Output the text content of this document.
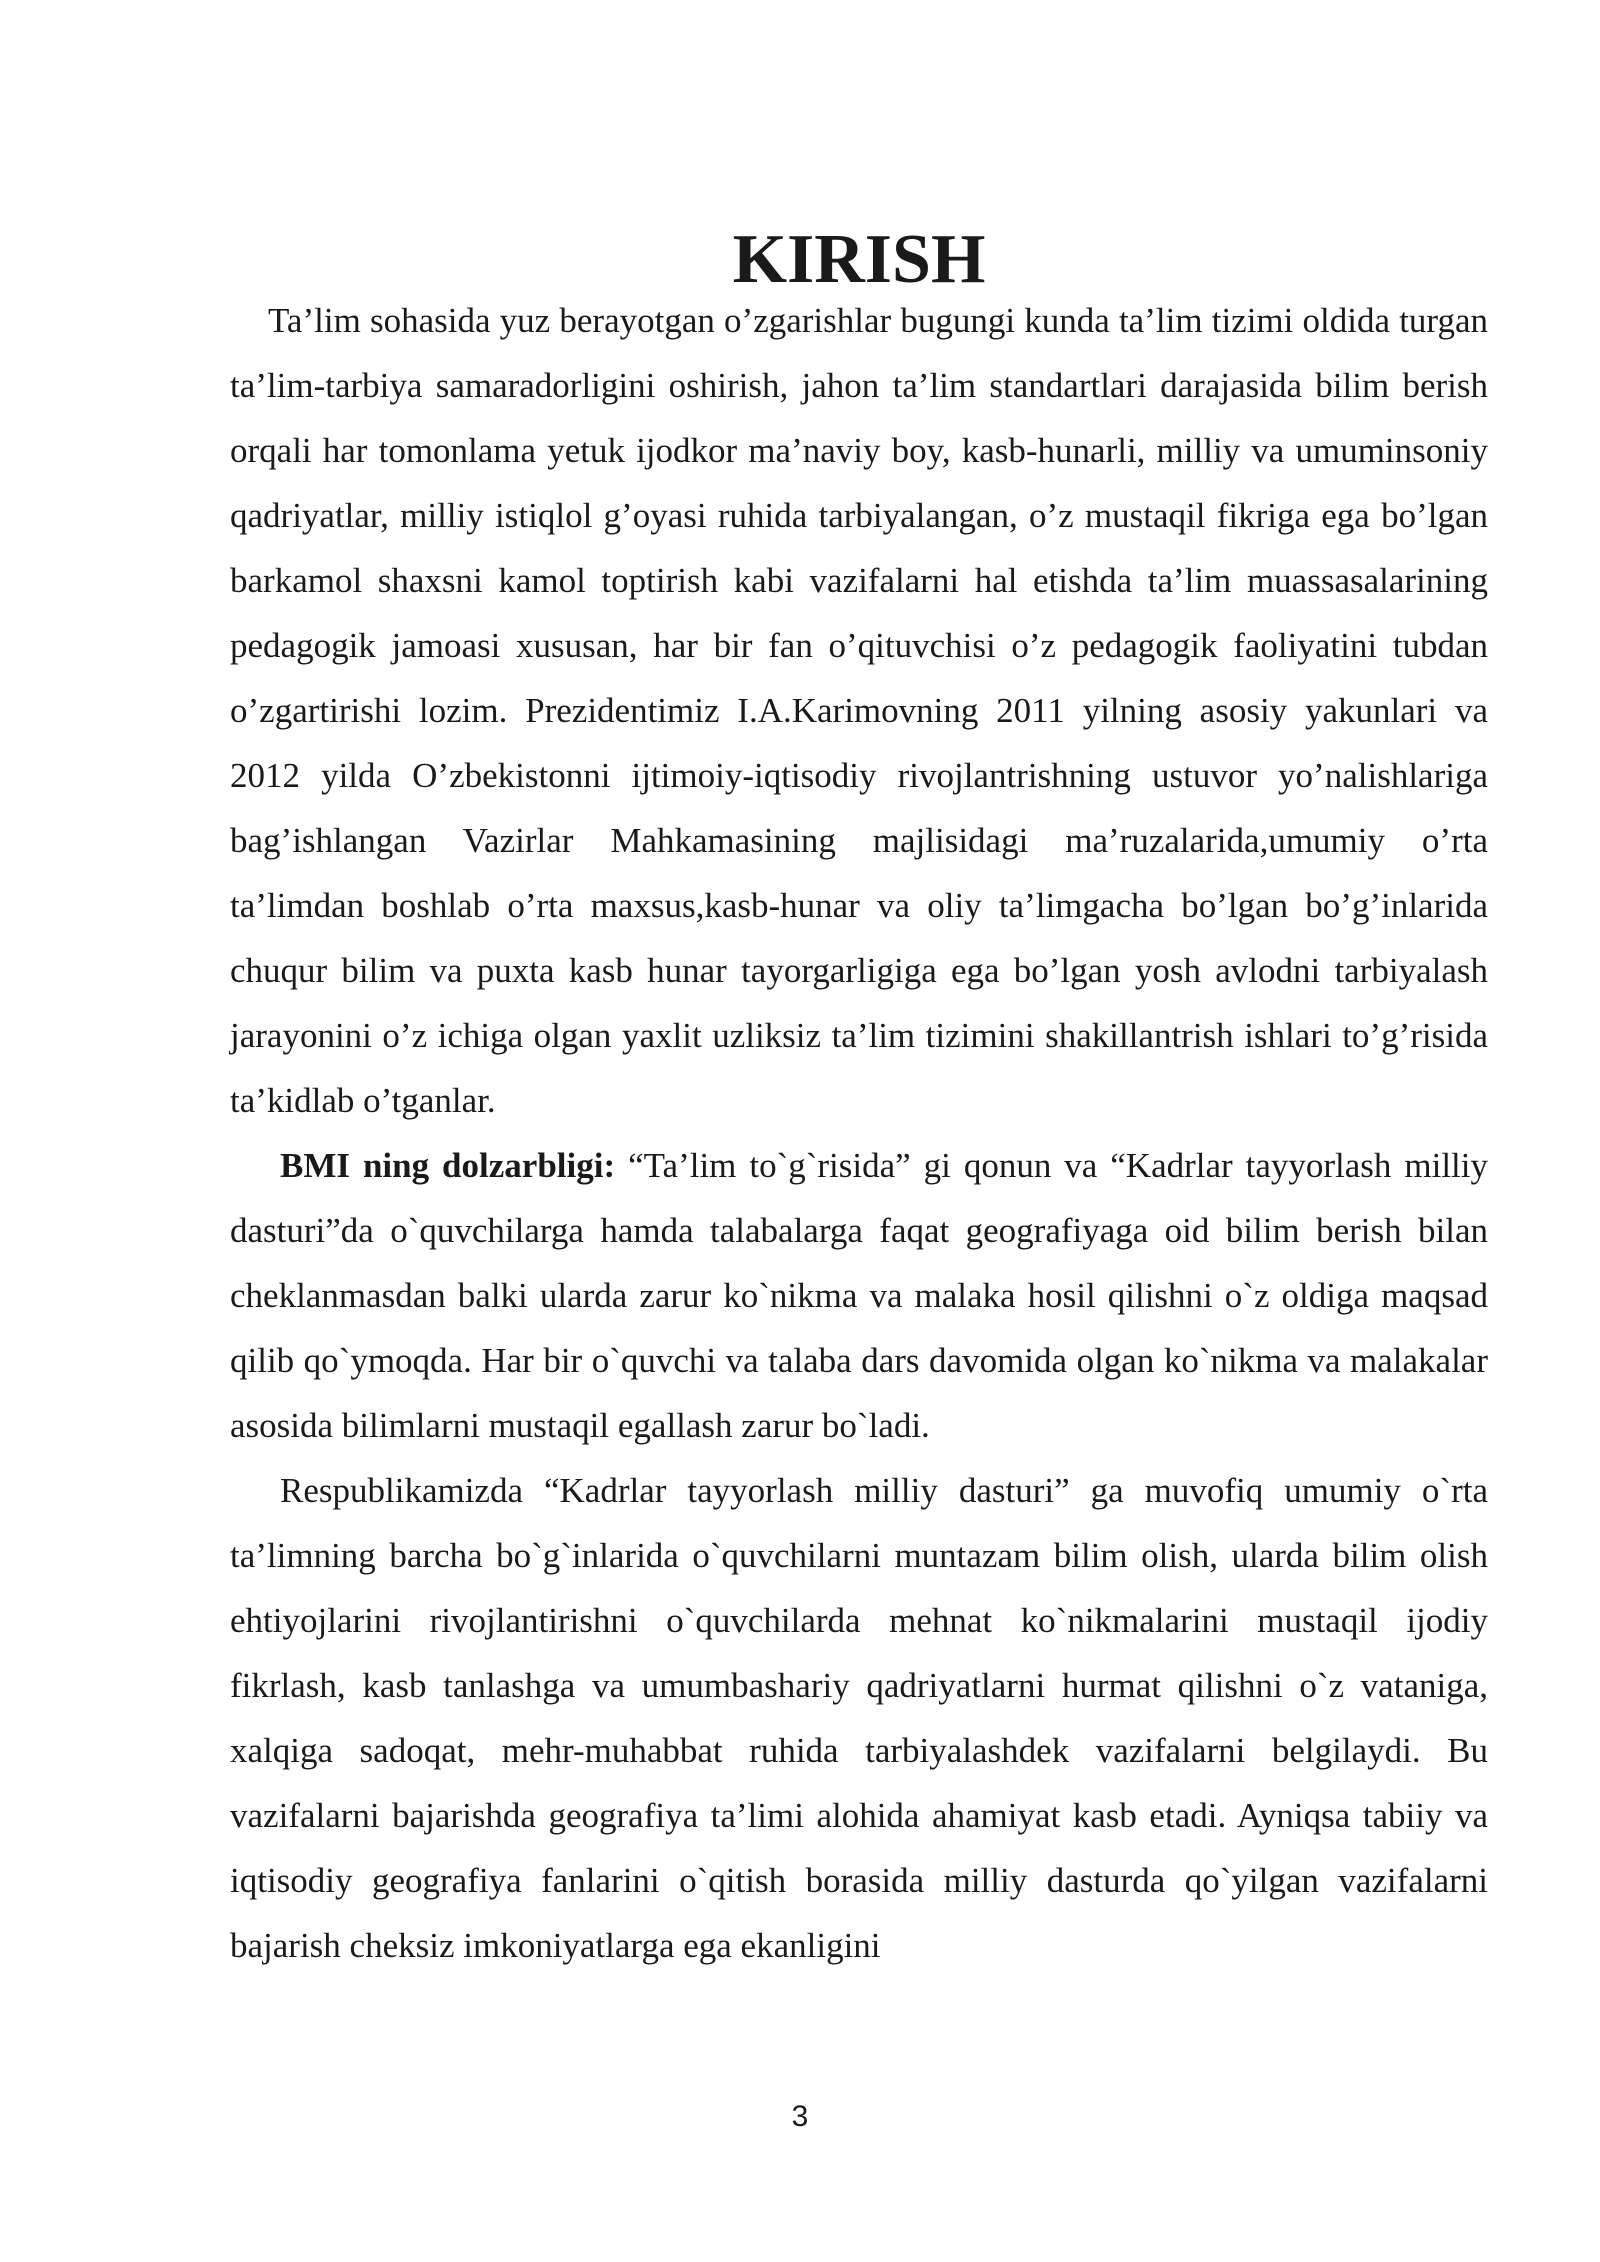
KIRISH

Ta’lim sohasida yuz berayotgan o’zgarishlar bugungi kunda ta’lim tizimi oldida turgan ta’lim-tarbiya samaradorligini oshirish, jahon ta’lim standartlari darajasida bilim berish orqali har tomonlama yetuk ijodkor ma’naviy boy, kasb-hunarli, milliy va umuminsoniy qadriyatlar, milliy istiqlol g’oyasi ruhida tarbiyalangan, o’z mustaqil fikriga ega bo’lgan barkamol shaxsni kamol toptirish kabi vazifalarni hal etishda ta’lim muassasalarining pedagogik jamoasi xususan, har bir fan o’qituvchisi o’z pedagogik faoliyatini tubdan o’zgartirishi lozim. Prezidentimiz I.A.Karimovning 2011 yilning asosiy yakunlari va 2012 yilda O’zbekistonni ijtimoiy-iqtisodiy rivojlantrishning ustuvor yo’nalishlariga bag’ishlangan Vazirlar Mahkamasining majlisidagi ma’ruzalarida,umumiy o’rta ta’limdan boshlab o’rta maxsus,kasb-hunar va oliy ta’limgacha bo’lgan bo’g’inlarida chuqur bilim va puxta kasb hunar tayorgarligiga ega bo’lgan yosh avlodni tarbiyalash jarayonini o’z ichiga olgan yaxlit uzliksiz ta’lim tizimini shakillantrish ishlari to’g’risida ta’kidlab o’tganlar.

BMI ning dolzarbligi: “Ta’lim to`g`risida” gi qonun va “Kadrlar tayyorlash milliy dasturi”da o`quvchilarga hamda talabalarga faqat geografiyaga oid bilim berish bilan cheklanmasdan balki ularda zarur ko`nikma va malaka hosil qilishni o`z oldiga maqsad qilib qo`ymoqda. Har bir o`quvchi va talaba dars davomida olgan ko`nikma va malakalar asosida bilimlarni mustaqil egallash zarur bo`ladi.

Respublikamizda “Kadrlar tayyorlash milliy dasturi” ga muvofiq umumiy o`rta ta’limning barcha bo`g`inlarida o`quvchilarni muntazam bilim olish, ularda bilim olish ehtiyojlarini rivojlantirishni o`quvchilarda mehnat ko`nikmalarini mustaqil ijodiy fikrlash, kasb tanlashga va umumbashariy qadriyatlarni hurmat qilishni o`z vataniga, xalqiga sadoqat, mehr-muhabbat ruhida tarbiyalashdek vazifalarni belgilaydi. Bu vazifalarni bajarishda geografiya ta’limi alohida ahamiyat kasb etadi. Ayniqsa tabiiy va iqtisodiy geografiya fanlarini o`qitish borasida milliy dasturda qo`yilgan vazifalarni bajarish cheksiz imkoniyatlarga ega ekanligini

3
